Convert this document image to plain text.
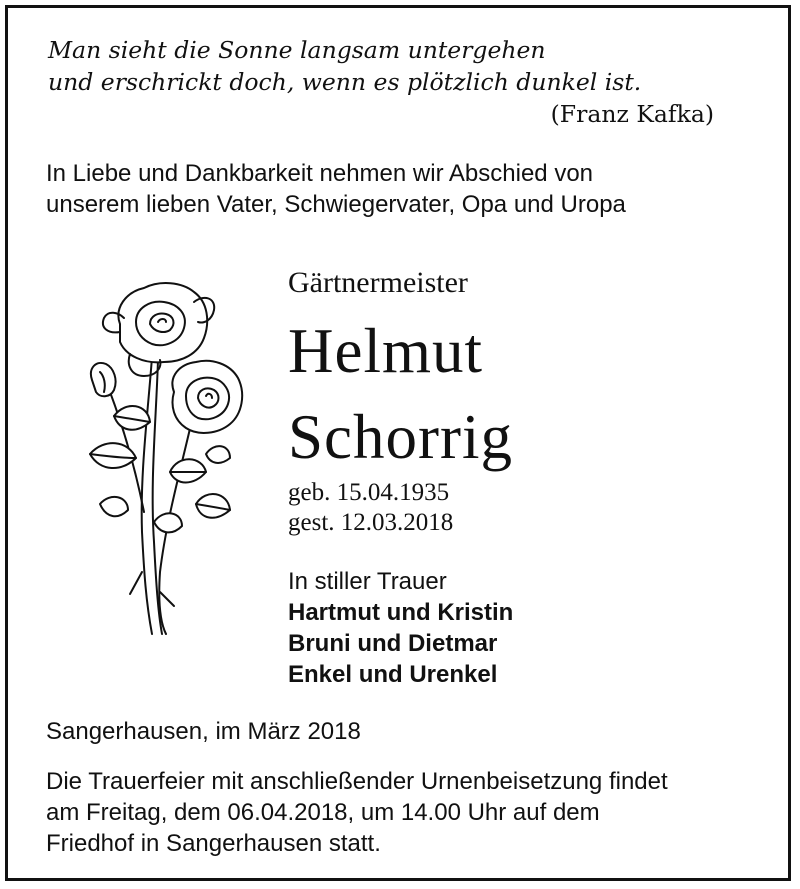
Man sieht die Sonne langsam untergehen
und erschrickt doch, wenn es plötzlich dunkel ist.
(Franz Kafka)
In Liebe und Dankbarkeit nehmen wir Abschied von
unserem lieben Vater, Schwiegervater, Opa und Uropa
Gärtnermeister
Helmut
Schorrig
geb. 15.04.1935
gest. 12.03.2018
In stiller Trauer
Hartmut und Kristin
Bruni und Dietmar
Enkel und Urenkel
Sangerhausen, im März 2018
Die Trauerfeier mit anschließender Urnenbeisetzung findet
am Freitag, dem 06.04.2018, um 14.00 Uhr auf dem
Friedhof in Sangerhausen statt.
